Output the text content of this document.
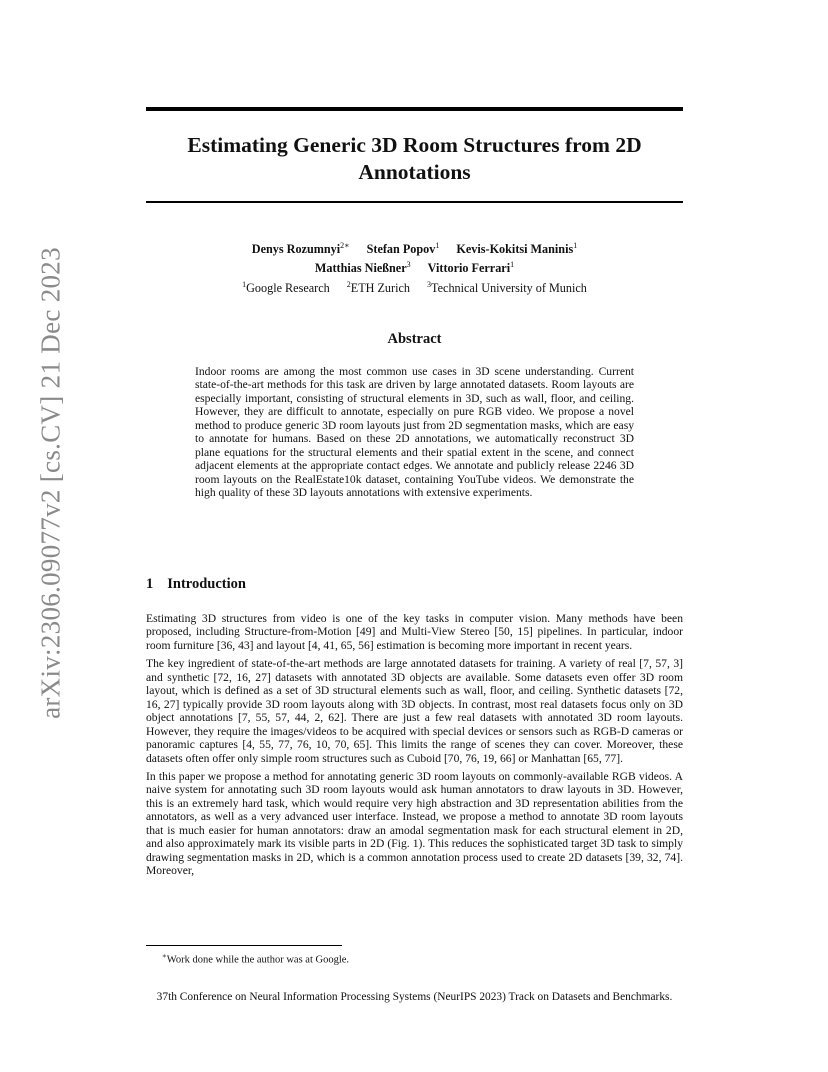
arXiv:2306.09077v2 [cs.CV] 21 Dec 2023
Estimating Generic 3D Room Structures from 2D
Annotations
Denys Rozumnyi$^{2∗}$ Stefan Popov$^1$ Kevis-Kokitsi Maninis$^1$
Matthias Nießner$^3$ Vittorio Ferrari$^1$
$^1$Google Research $^2$ETH Zurich $^3$Technical University of Munich
Abstract

Indoor rooms are among the most common use cases in 3D scene understanding. Current state-of-the-art methods for this task are driven by large annotated datasets. Room layouts are especially important, consisting of structural elements in 3D, such as wall, floor, and ceiling. However, they are difficult to annotate, especially on pure RGB video. We propose a novel method to produce generic 3D room layouts just from 2D segmentation masks, which are easy to annotate for humans. Based on these 2D annotations, we automatically reconstruct 3D plane equations for the structural elements and their spatial extent in the scene, and connect adjacent elements at the appropriate contact edges. We annotate and publicly release 2246 3D room layouts on the RealEstate10k dataset, containing YouTube videos. We demonstrate the high quality of these 3D layouts annotations with extensive experiments.

1 Introduction

Estimating 3D structures from video is one of the key tasks in computer vision. Many methods have been proposed, including Structure-from-Motion [49] and Multi-View Stereo [50, 15] pipelines. In particular, indoor room furniture [36, 43] and layout [4, 41, 65, 56] estimation is becoming more important in recent years.

The key ingredient of state-of-the-art methods are large annotated datasets for training. A variety of real [7, 57, 3] and synthetic [72, 16, 27] datasets with annotated 3D objects are available. Some datasets even offer 3D room layout, which is defined as a set of 3D structural elements such as wall, floor, and ceiling. Synthetic datasets [72, 16, 27] typically provide 3D room layouts along with 3D objects. In contrast, most real datasets focus only on 3D object annotations [7, 55, 57, 44, 2, 62]. There are just a few real datasets with annotated 3D room layouts. However, they require the images/videos to be acquired with special devices or sensors such as RGB-D cameras or panoramic captures [4, 55, 77, 76, 10, 70, 65]. This limits the range of scenes they can cover. Moreover, these datasets often offer only simple room structures such as Cuboid [70, 76, 19, 66] or Manhattan [65, 77].

In this paper we propose a method for annotating generic 3D room layouts on commonly-available RGB videos. A naive system for annotating such 3D room layouts would ask human annotators to draw layouts in 3D. However, this is an extremely hard task, which would require very high abstraction and 3D representation abilities from the annotators, as well as a very advanced user interface. Instead, we propose a method to annotate 3D room layouts that is much easier for human annotators: draw an amodal segmentation mask for each structural element in 2D, and also approximately mark its visible parts in 2D (Fig. 1). This reduces the sophisticated target 3D task to simply drawing segmentation masks in 2D, which is a common annotation process used to create 2D datasets [39, 32, 74]. Moreover,

∗Work done while the author was at Google.
37th Conference on Neural Information Processing Systems (NeurIPS 2023) Track on Datasets and Benchmarks.
